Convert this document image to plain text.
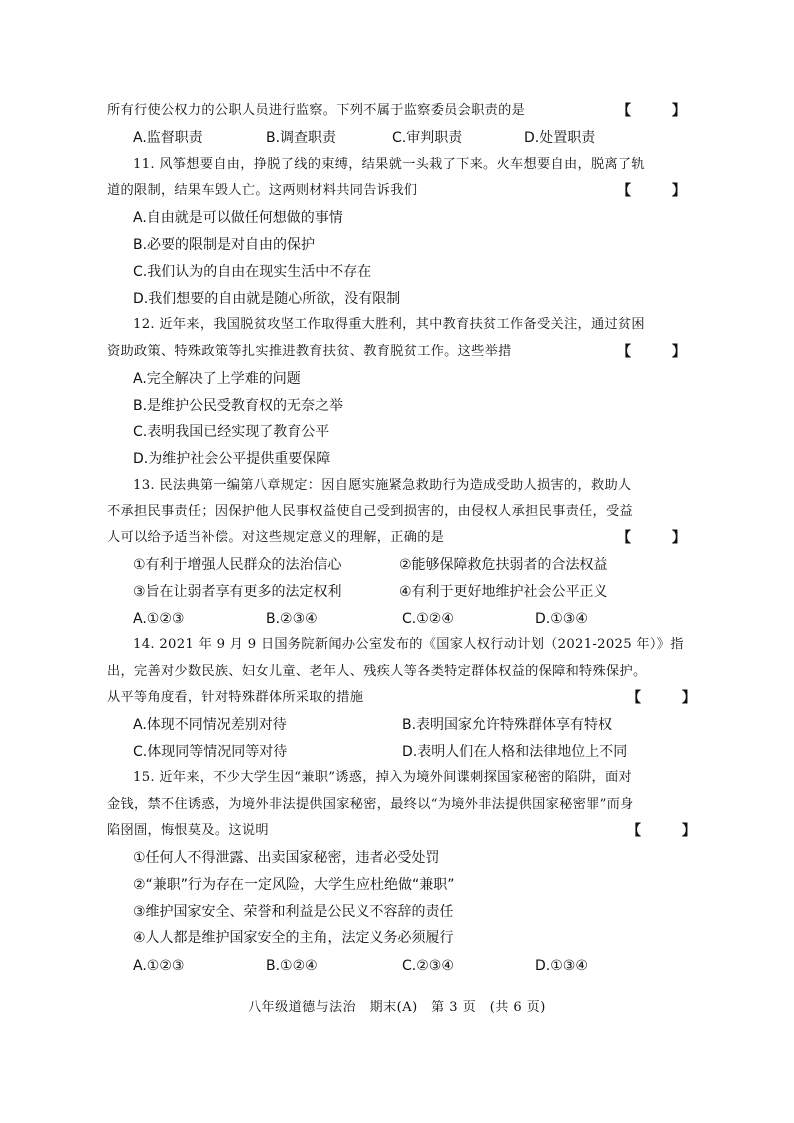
所有行使公权力的公职人员进行监察。下列不属于监察委员会职责的是	【 】
A.监督职责	B.调查职责	C.审判职责	D.处置职责
11. 风筝想要自由，挣脱了线的束缚，结果就一头栽了下来。火车想要自由，脱离了轨
道的限制，结果车毁人亡。这两则材料共同告诉我们	【 】
A.自由就是可以做任何想做的事情
B.必要的限制是对自由的保护
C.我们认为的自由在现实生活中不存在
D.我们想要的自由就是随心所欲，没有限制
12. 近年来，我国脱贫攻坚工作取得重大胜利，其中教育扶贫工作备受关注，通过贫困
资助政策、特殊政策等扎实推进教育扶贫、教育脱贫工作。这些举措	【 】
A.完全解决了上学难的问题
B.是维护公民受教育权的无奈之举
C.表明我国已经实现了教育公平
D.为维护社会公平提供重要保障
13. 民法典第一编第八章规定：因自愿实施紧急救助行为造成受助人损害的，救助人
不承担民事责任；因保护他人民事权益使自己受到损害的，由侵权人承担民事责任，受益
人可以给予适当补偿。对这些规定意义的理解，正确的是	【 】
①有利于增强人民群众的法治信心	②能够保障救危扶弱者的合法权益
③旨在让弱者享有更多的法定权利	④有利于更好地维护社会公平正义
A.①②③	B.②③④	C.①②④	D.①③④
14. 2021 年 9 月 9 日国务院新闻办公室发布的《国家人权行动计划（2021-2025 年）》指
出，完善对少数民族、妇女儿童、老年人、残疾人等各类特定群体权益的保障和特殊保护。
从平等角度看，针对特殊群体所采取的措施	【 】
A.体现不同情况差别对待	B.表明国家允许特殊群体享有特权
C.体现同等情况同等对待	D.表明人们在人格和法律地位上不同
15. 近年来，不少大学生因“兼职”诱惑，掉入为境外间谍刺探国家秘密的陷阱，面对
金钱，禁不住诱惑，为境外非法提供国家秘密，最终以“为境外非法提供国家秘密罪”而身
陷囹圄，悔恨莫及。这说明	【 】
①任何人不得泄露、出卖国家秘密，违者必受处罚
②“兼职”行为存在一定风险，大学生应杜绝做“兼职”
③维护国家安全、荣誉和利益是公民义不容辞的责任
④人人都是维护国家安全的主角，法定义务必须履行
A.①②③	B.①②④	C.②③④	D.①③④
八年级道德与法治　期末(A)　第 3 页　(共 6 页)
